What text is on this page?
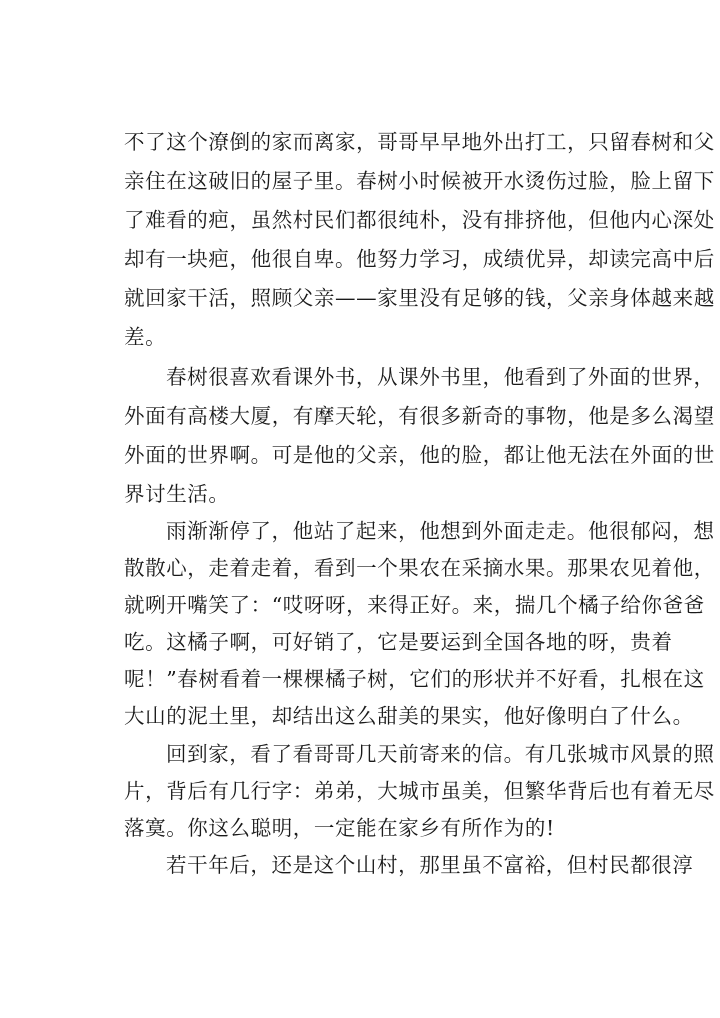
不了这个潦倒的家而离家，哥哥早早地外出打工，只留春树和父
亲住在这破旧的屋子里。春树小时候被开水烫伤过脸，脸上留下
了难看的疤，虽然村民们都很纯朴，没有排挤他，但他内心深处
却有一块疤，他很自卑。他努力学习，成绩优异，却读完高中后
就回家干活，照顾父亲——家里没有足够的钱，父亲身体越来越
差。
春树很喜欢看课外书，从课外书里，他看到了外面的世界，
外面有高楼大厦，有摩天轮，有很多新奇的事物，他是多么渴望
外面的世界啊。可是他的父亲，他的脸，都让他无法在外面的世
界讨生活。
雨渐渐停了，他站了起来，他想到外面走走。他很郁闷，想
散散心，走着走着，看到一个果农在采摘水果。那果农见着他，
就咧开嘴笑了：“哎呀呀，来得正好。来，揣几个橘子给你爸爸
吃。这橘子啊，可好销了，它是要运到全国各地的呀，贵着
呢！”春树看着一棵棵橘子树，它们的形状并不好看，扎根在这
大山的泥土里，却结出这么甜美的果实，他好像明白了什么。
回到家，看了看哥哥几天前寄来的信。有几张城市风景的照
片，背后有几行字：弟弟，大城市虽美，但繁华背后也有着无尽
落寞。你这么聪明，一定能在家乡有所作为的!
若干年后，还是这个山村，那里虽不富裕，但村民都很淳
